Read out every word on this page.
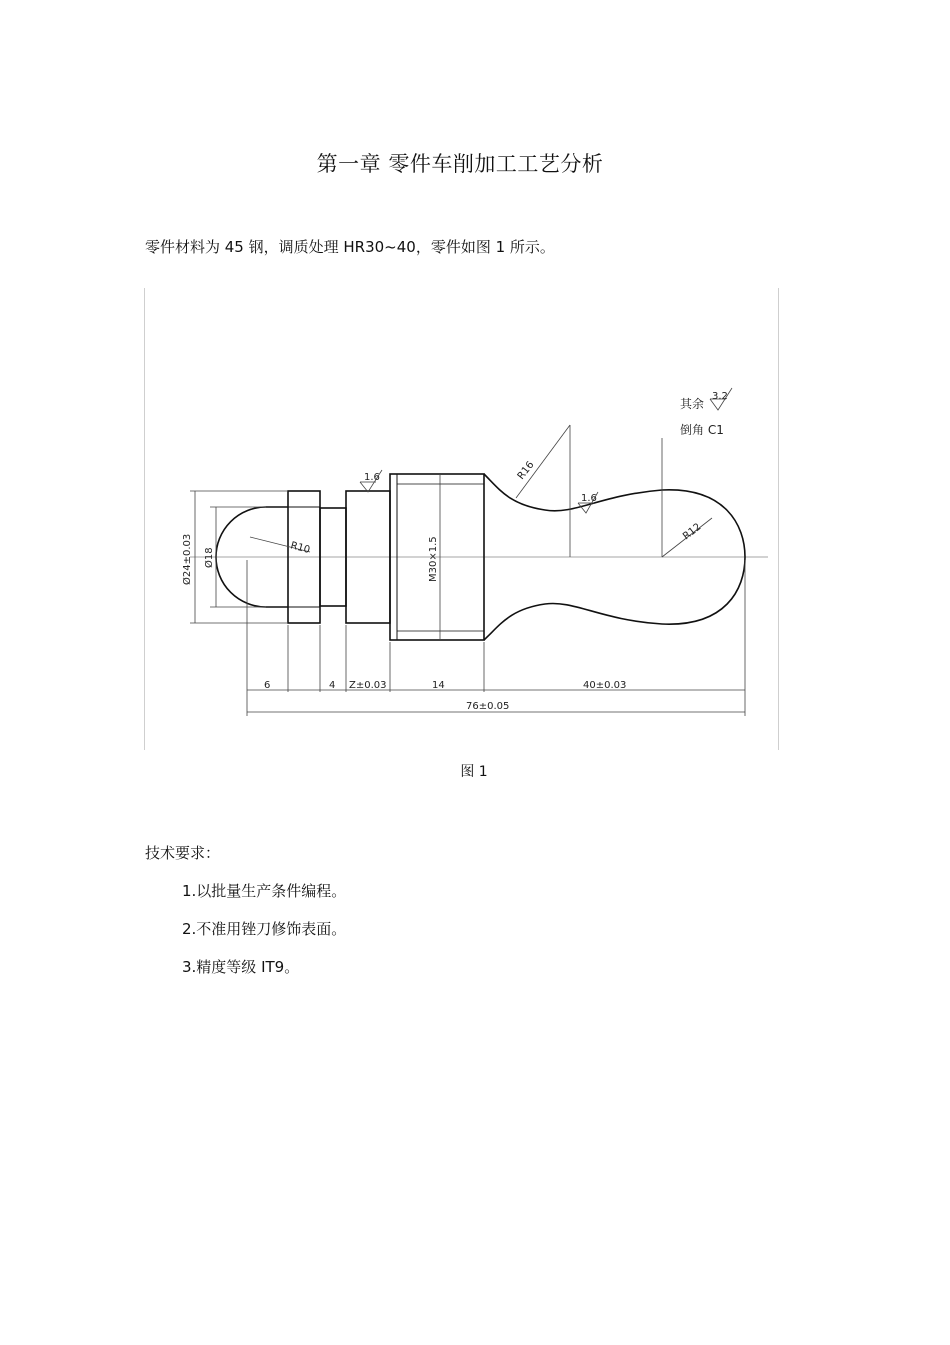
第一章 零件车削加工工艺分析
零件材料为 45 钢，调质处理 HR30~40，零件如图 1 所示。
1.6
1.6
其余
3.2
倒角 C1
R16
R10
R12
Ø24±0.03 Ø18	M30×1.5
6	4 Z±0.03	14	40±0.03
76±0.05
图 1
技术要求：
1.以批量生产条件编程。
2.不准用锉刀修饰表面。
3.精度等级 IT9。
